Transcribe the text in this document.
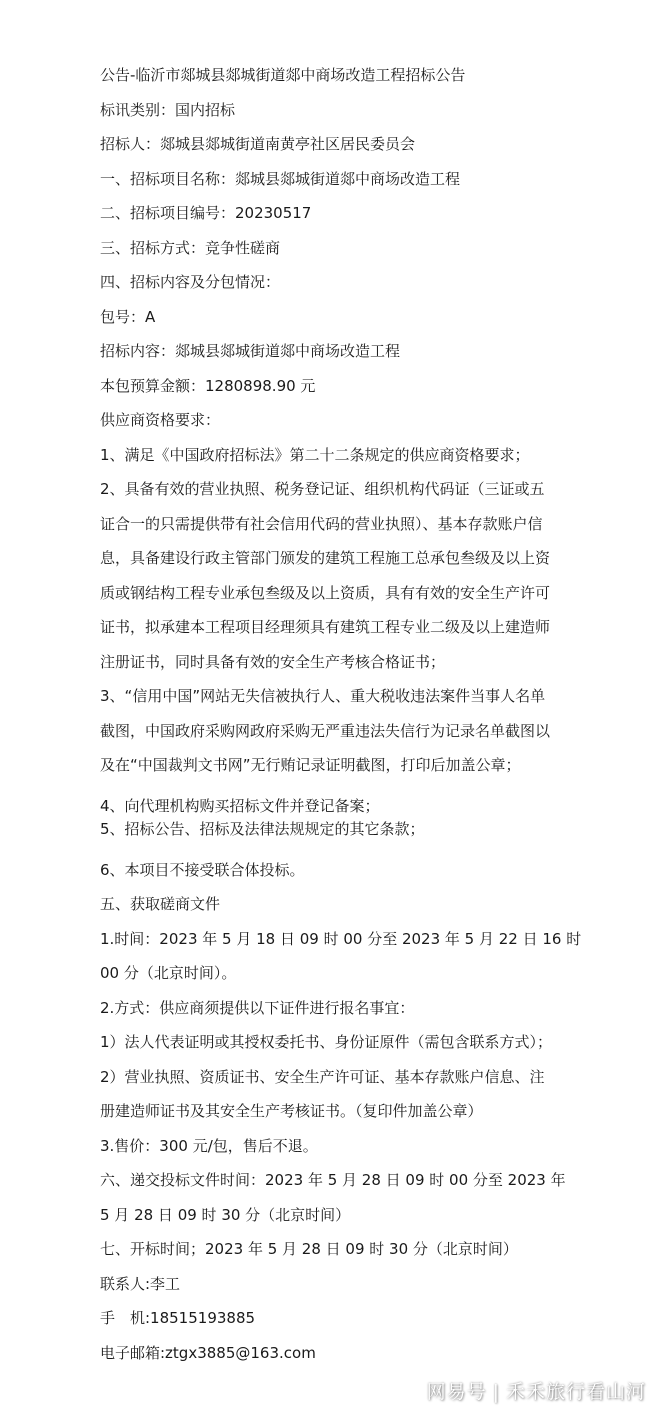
公告-临沂市郯城县郯城街道郯中商场改造工程招标公告

标讯类别：国内招标

招标人：郯城县郯城街道南黄亭社区居民委员会

一、招标项目名称：郯城县郯城街道郯中商场改造工程

二、招标项目编号：20230517

三、招标方式：竞争性磋商

四、招标内容及分包情况：

包号：A

招标内容：郯城县郯城街道郯中商场改造工程

本包预算金额：1280898.90 元

供应商资格要求：

1、满足《中国政府招标法》第二十二条规定的供应商资格要求；

2、具备有效的营业执照、税务登记证、组织机构代码证（三证或五

证合一的只需提供带有社会信用代码的营业执照）、基本存款账户信

息，具备建设行政主管部门颁发的建筑工程施工总承包叁级及以上资

质或钢结构工程专业承包叁级及以上资质，具有有效的安全生产许可

证书，拟承建本工程项目经理须具有建筑工程专业二级及以上建造师

注册证书，同时具备有效的安全生产考核合格证书；

3、“信用中国”网站无失信被执行人、重大税收违法案件当事人名单

截图，中国政府采购网政府采购无严重违法失信行为记录名单截图以

及在“中国裁判文书网”无行贿记录证明截图，打印后加盖公章；

4、向代理机构购买招标文件并登记备案；

5、招标公告、招标及法律法规规定的其它条款；

6、本项目不接受联合体投标。

五、获取磋商文件

1.时间：2023 年 5 月 18 日 09 时 00 分至 2023 年 5 月 22 日 16 时

00 分（北京时间）。

2.方式：供应商须提供以下证件进行报名事宜：

1）法人代表证明或其授权委托书、身份证原件（需包含联系方式）；

2）营业执照、资质证书、安全生产许可证、基本存款账户信息、注

册建造师证书及其安全生产考核证书。（复印件加盖公章）

3.售价：300 元/包，售后不退。

六、递交投标文件时间：2023 年 5 月 28 日 09 时 00 分至 2023 年

5 月 28 日 09 时 30 分（北京时间）

七、开标时间；2023 年 5 月 28 日 09 时 30 分（北京时间）

联系人:李工

手　机:18515193885

电子邮箱:ztgx3885@163.com

网易号 | 禾禾旅行看山河
